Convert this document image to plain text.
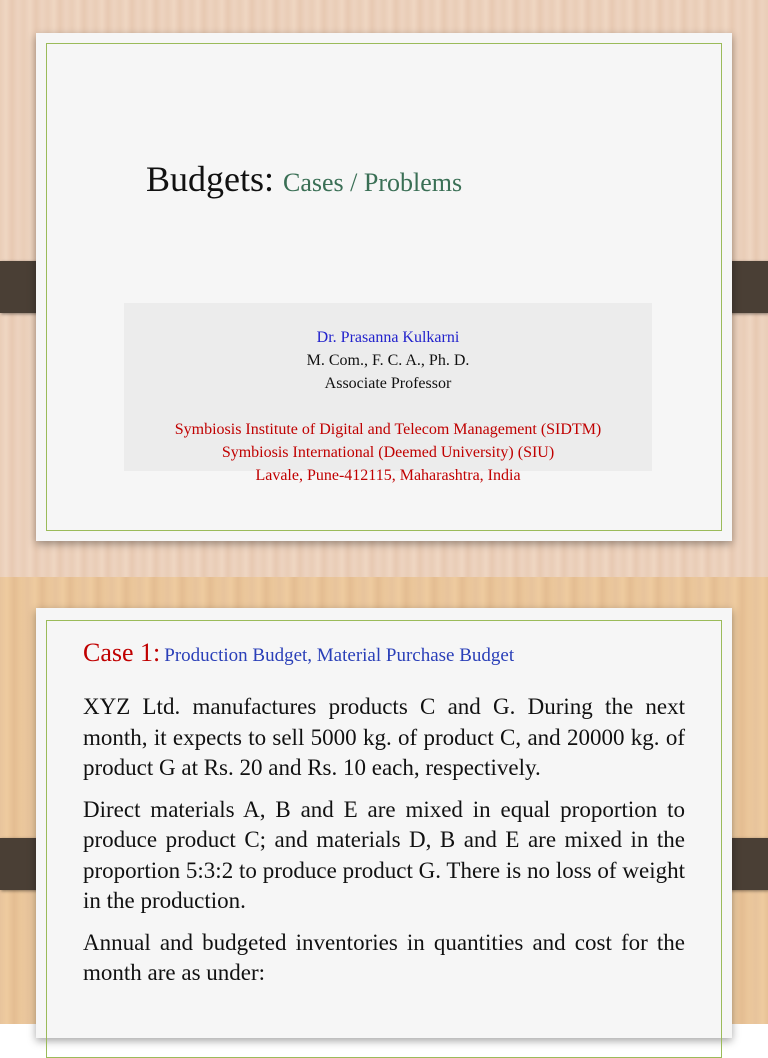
Budgets: Cases / Problems
Dr. Prasanna Kulkarni
M. Com., F. C. A., Ph. D.
Associate Professor
Symbiosis Institute of Digital and Telecom Management (SIDTM)
Symbiosis International (Deemed University) (SIU)
Lavale, Pune-412115, Maharashtra, India
Case 1: Production Budget, Material Purchase Budget

XYZ Ltd. manufactures products C and G. During the next month, it expects to sell 5000 kg. of product C, and 20000 kg. of product G at Rs. 20 and Rs. 10 each, respectively.

Direct materials A, B and E are mixed in equal proportion to produce product C; and materials D, B and E are mixed in the proportion 5:3:2 to produce product G. There is no loss of weight in the production.

Annual and budgeted inventories in quantities and cost for the month are as under:
